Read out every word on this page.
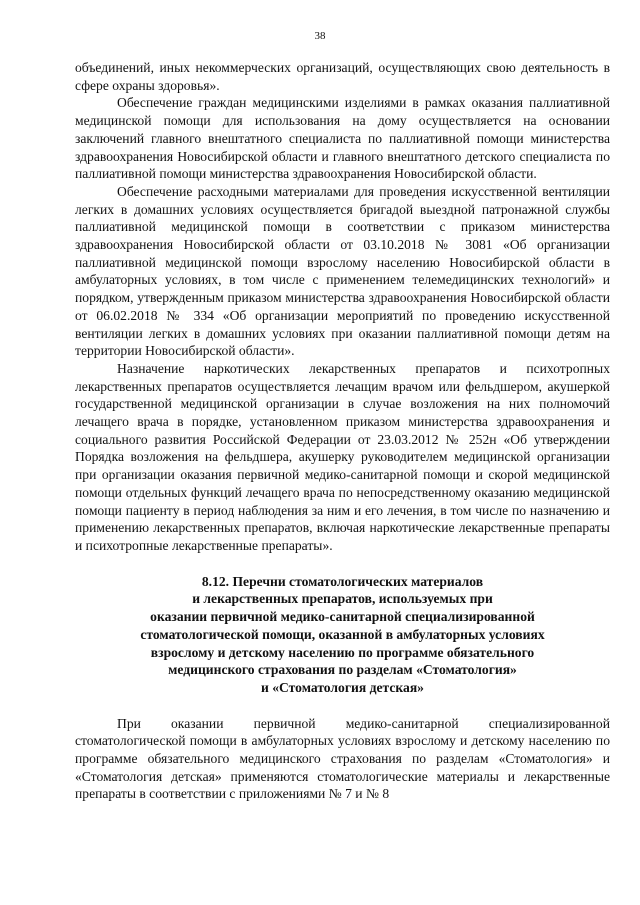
38

объединений, иных некоммерческих организаций, осуществляющих свою деятельность в сфере охраны здоровья».

Обеспечение граждан медицинскими изделиями в рамках оказания паллиативной медицинской помощи для использования на дому осуществляется на основании заключений главного внештатного специалиста по паллиативной помощи министерства здравоохранения Новосибирской области и главного внештатного детского специалиста по паллиативной помощи министерства здравоохранения Новосибирской области.

Обеспечение расходными материалами для проведения искусственной вентиляции легких в домашних условиях осуществляется бригадой выездной патронажной службы паллиативной медицинской помощи в соответствии с приказом министерства здравоохранения Новосибирской области от 03.10.2018 № 3081 «Об организации паллиативной медицинской помощи взрослому населению Новосибирской области в амбулаторных условиях, в том числе с применением телемедицинских технологий» и порядком, утвержденным приказом министерства здравоохранения Новосибирской области от 06.02.2018 № 334 «Об организации мероприятий по проведению искусственной вентиляции легких в домашних условиях при оказании паллиативной помощи детям на территории Новосибирской области».

Назначение наркотических лекарственных препаратов и психотропных лекарственных препаратов осуществляется лечащим врачом или фельдшером, акушеркой государственной медицинской организации в случае возложения на них полномочий лечащего врача в порядке, установленном приказом министерства здравоохранения и социального развития Российской Федерации от 23.03.2012 № 252н «Об утверждении Порядка возложения на фельдшера, акушерку руководителем медицинской организации при организации оказания первичной медико-санитарной помощи и скорой медицинской помощи отдельных функций лечащего врача по непосредственному оказанию медицинской помощи пациенту в период наблюдения за ним и его лечения, в том числе по назначению и применению лекарственных препаратов, включая наркотические лекарственные препараты и психотропные лекарственные препараты».

8.12. Перечни стоматологических материалов
и лекарственных препаратов, используемых при
оказании первичной медико-санитарной специализированной
стоматологической помощи, оказанной в амбулаторных условиях
взрослому и детскому населению по программе обязательного
медицинского страхования по разделам «Стоматология»
и «Стоматология детская»

При оказании первичной медико-санитарной специализированной стоматологической помощи в амбулаторных условиях взрослому и детскому населению по программе обязательного медицинского страхования по разделам «Стоматология» и «Стоматология детская» применяются стоматологические материалы и лекарственные препараты в соответствии с приложениями № 7 и № 8
